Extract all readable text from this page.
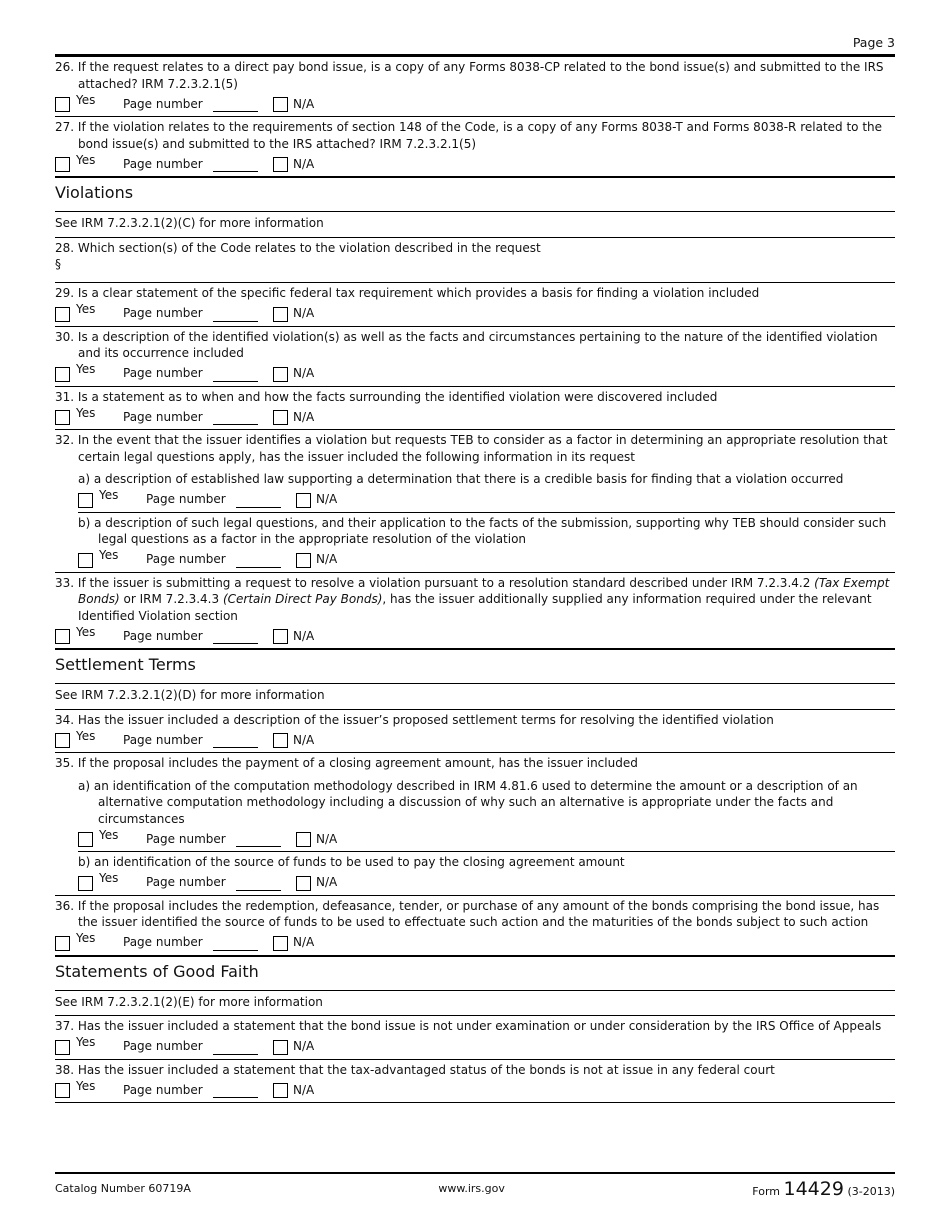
Page 3
26. If the request relates to a direct pay bond issue, is a copy of any Forms 8038-CP related to the bond issue(s) and submitted to the IRS attached? IRM 7.2.3.2.1(5)
Yes	Page number	N/A
27. If the violation relates to the requirements of section 148 of the Code, is a copy of any Forms 8038-T and Forms 8038-R related to the bond issue(s) and submitted to the IRS attached? IRM 7.2.3.2.1(5)
Yes	Page number	N/A
Violations
See IRM 7.2.3.2.1(2)(C) for more information
28. Which section(s) of the Code relates to the violation described in the request
§
29. Is a clear statement of the specific federal tax requirement which provides a basis for finding a violation included
Yes	Page number	N/A
30. Is a description of the identified violation(s) as well as the facts and circumstances pertaining to the nature of the identified violation and its occurrence included
Yes	Page number	N/A
31. Is a statement as to when and how the facts surrounding the identified violation were discovered included
Yes	Page number	N/A
32. In the event that the issuer identifies a violation but requests TEB to consider as a factor in determining an appropriate resolution that certain legal questions apply, has the issuer included the following information in its request
a) a description of established law supporting a determination that there is a credible basis for finding that a violation occurred
Yes	Page number	N/A
b) a description of such legal questions, and their application to the facts of the submission, supporting why TEB should consider such legal questions as a factor in the appropriate resolution of the violation
Yes	Page number	N/A
33. If the issuer is submitting a request to resolve a violation pursuant to a resolution standard described under IRM 7.2.3.4.2 (Tax Exempt Bonds) or IRM 7.2.3.4.3 (Certain Direct Pay Bonds), has the issuer additionally supplied any information required under the relevant Identified Violation section
Yes	Page number	N/A
Settlement Terms
See IRM 7.2.3.2.1(2)(D) for more information
34. Has the issuer included a description of the issuer’s proposed settlement terms for resolving the identified violation
Yes	Page number	N/A
35. If the proposal includes the payment of a closing agreement amount, has the issuer included
a) an identification of the computation methodology described in IRM 4.81.6 used to determine the amount or a description of an alternative computation methodology including a discussion of why such an alternative is appropriate under the facts and circumstances
Yes	Page number	N/A
b) an identification of the source of funds to be used to pay the closing agreement amount
Yes	Page number	N/A
36. If the proposal includes the redemption, defeasance, tender, or purchase of any amount of the bonds comprising the bond issue, has the issuer identified the source of funds to be used to effectuate such action and the maturities of the bonds subject to such action
Yes	Page number	N/A
Statements of Good Faith
See IRM 7.2.3.2.1(2)(E) for more information
37. Has the issuer included a statement that the bond issue is not under examination or under consideration by the IRS Office of Appeals
Yes	Page number	N/A
38. Has the issuer included a statement that the tax-advantaged status of the bonds is not at issue in any federal court
Yes	Page number	N/A
Catalog Number 60719A	www.irs.gov	Form 14429 (3-2013)
